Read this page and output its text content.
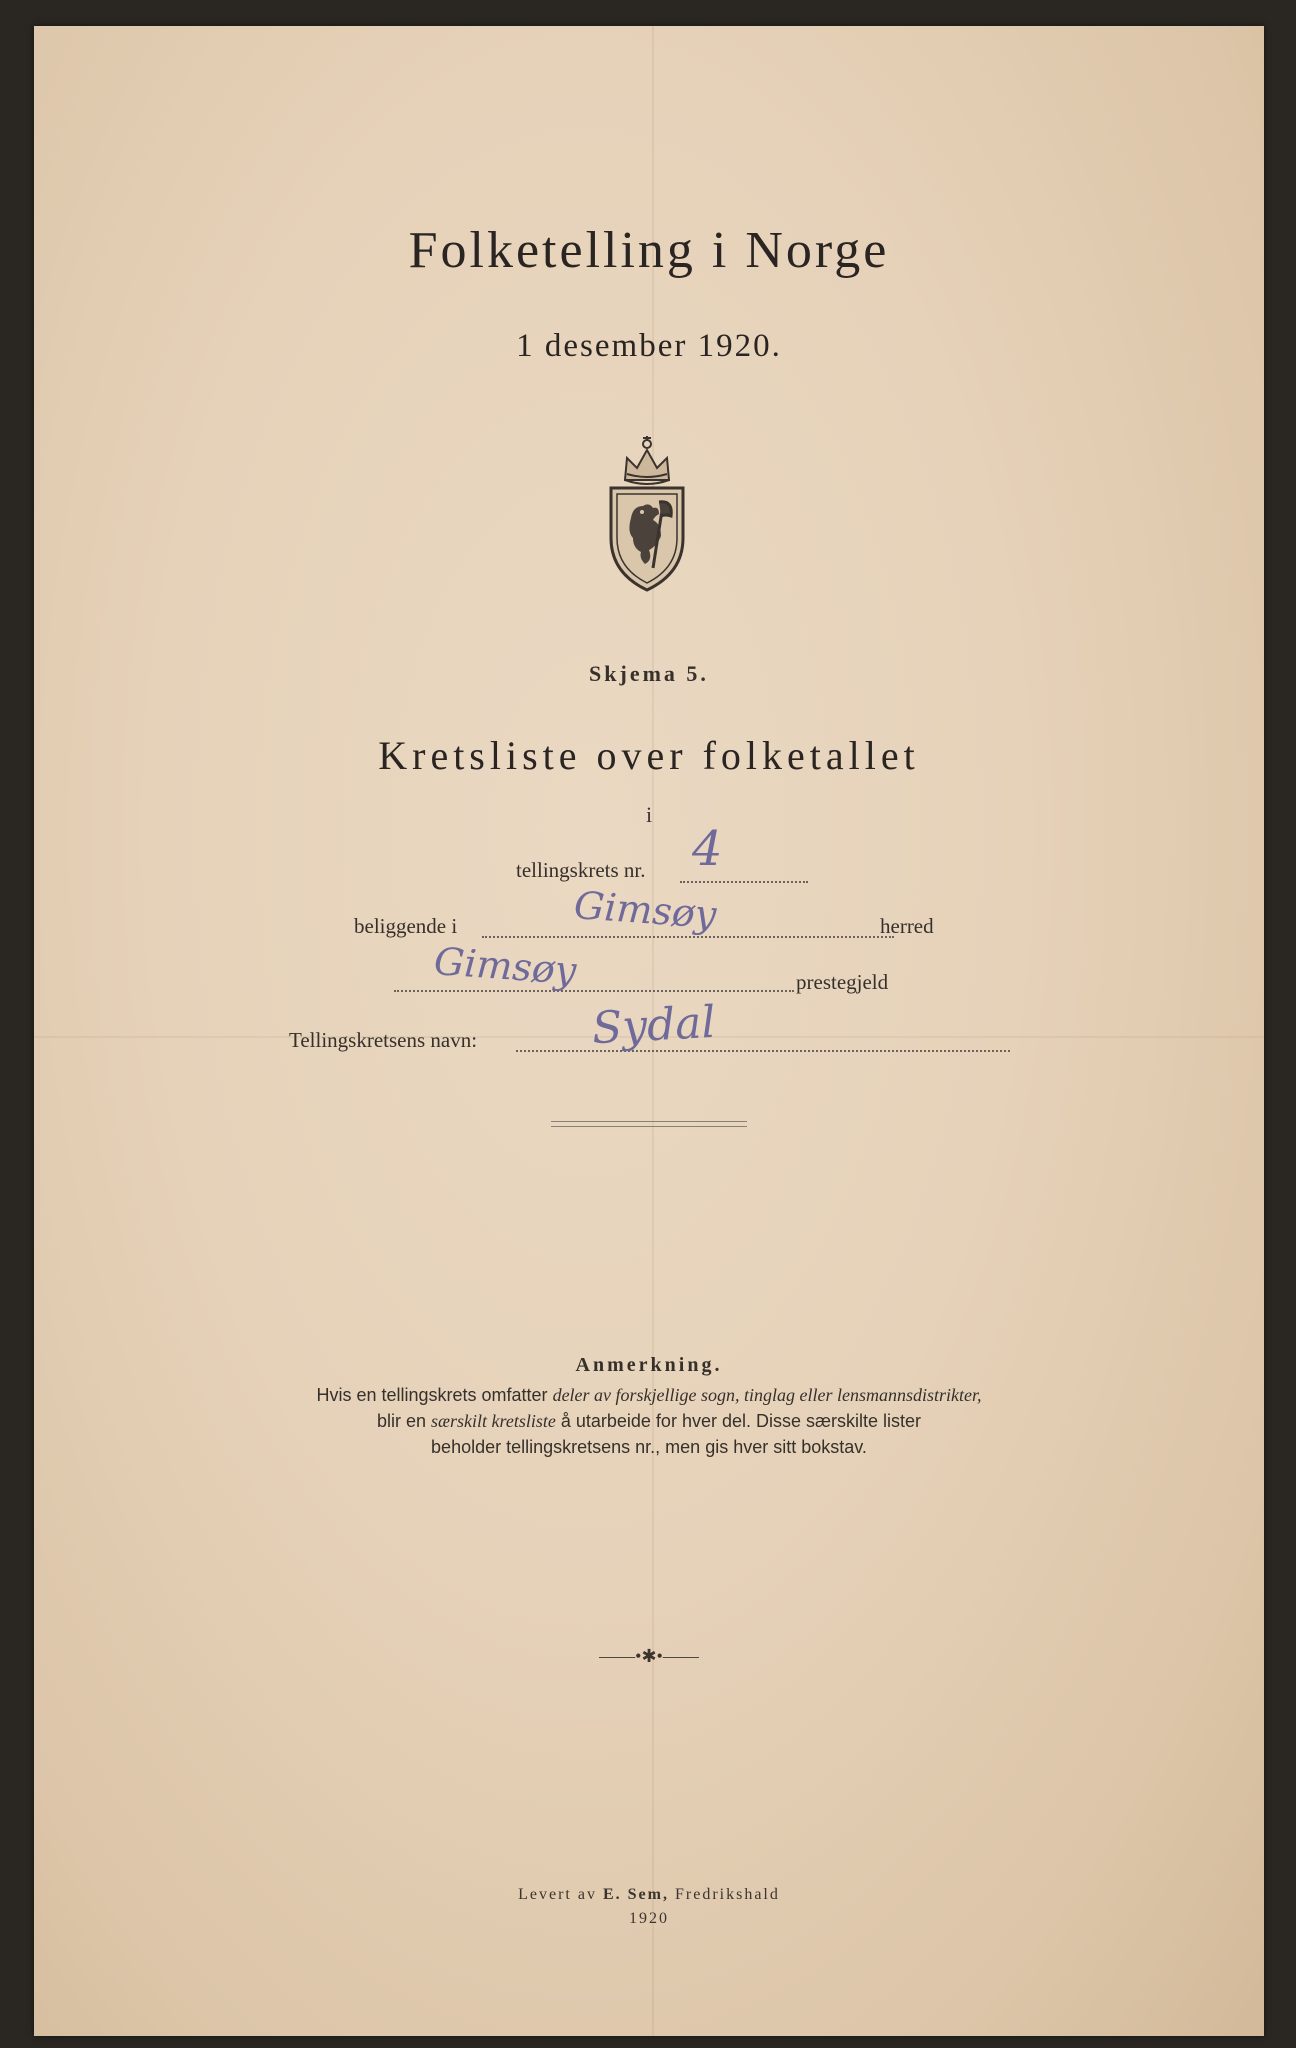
Folketelling i Norge
1 desember 1920.
Skjema 5.
Kretsliste over folketallet
i
tellingskrets nr. 4
beliggende i	Gimsøy	herred
Gimsøy	prestegjeld
Tellingskretsens navn:	Sydal
Anmerkning.
Hvis en tellingskrets omfatter deler av forskjellige sogn, tinglag eller lensmannsdistrikter,
blir en særskilt kretsliste å utarbeide for hver del. Disse særskilte lister
beholder tellingskretsens nr., men gis hver sitt bokstav.
——•✱•——
Levert av E. Sem, Fredrikshald
1920
